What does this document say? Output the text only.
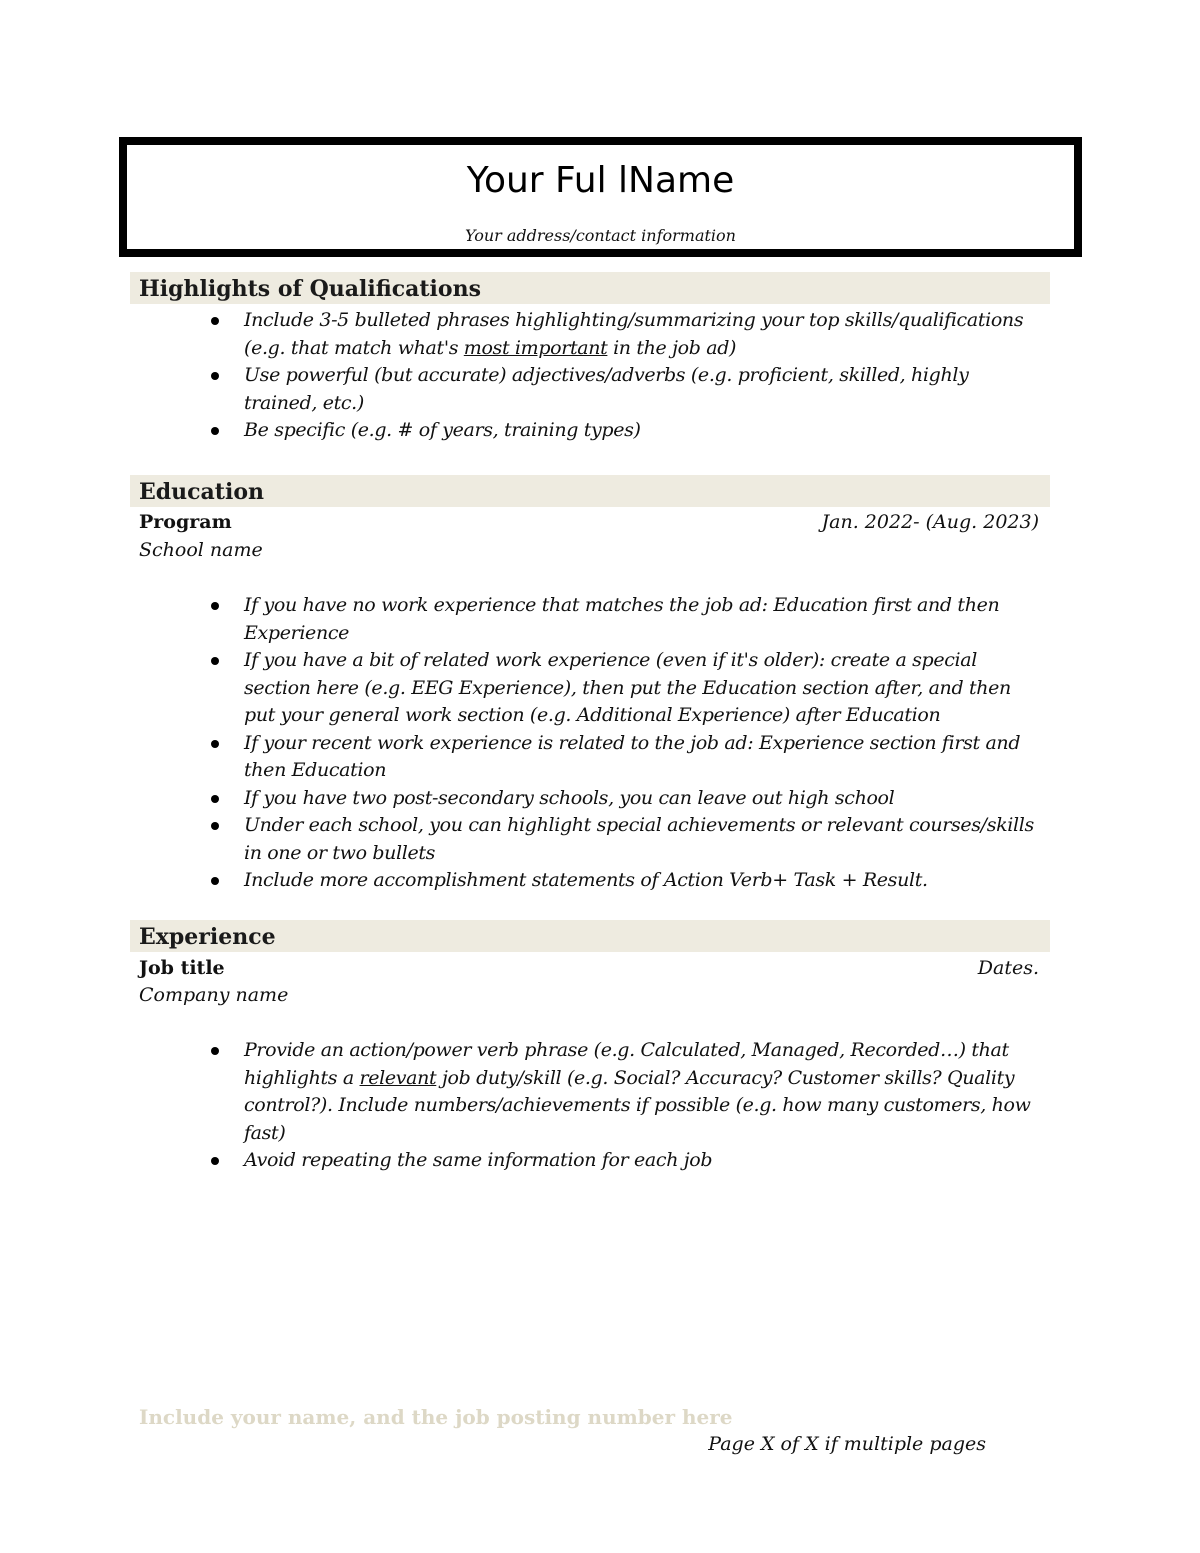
Your Ful lName
Your address/contact information
Highlights of Qualifications
Include 3-5 bulleted phrases highlighting/summarizing your top skills/qualifications (e.g. that match what's most important in the job ad)
Use powerful (but accurate) adjectives/adverbs (e.g. proficient, skilled, highly trained, etc.)
Be specific (e.g. # of years, training types)
Education
Program	Jan. 2022- (Aug. 2023)
School name
If you have no work experience that matches the job ad: Education first and then Experience
If you have a bit of related work experience (even if it's older): create a special section here (e.g. EEG Experience), then put the Education section after, and then put your general work section (e.g. Additional Experience) after Education
If your recent work experience is related to the job ad: Experience section first and then Education
If you have two post-secondary schools, you can leave out high school
Under each school, you can highlight special achievements or relevant courses/skills in one or two bullets
Include more accomplishment statements of Action Verb+ Task + Result.
Experience
Job title	Dates.
Company name
Provide an action/power verb phrase (e.g. Calculated, Managed, Recorded…) that highlights a relevant job duty/skill (e.g. Social? Accuracy? Customer skills? Quality control?). Include numbers/achievements if possible (e.g. how many customers, how fast)
Avoid repeating the same information for each job
Include your name, and the job posting number here
Page X of X if multiple pages
